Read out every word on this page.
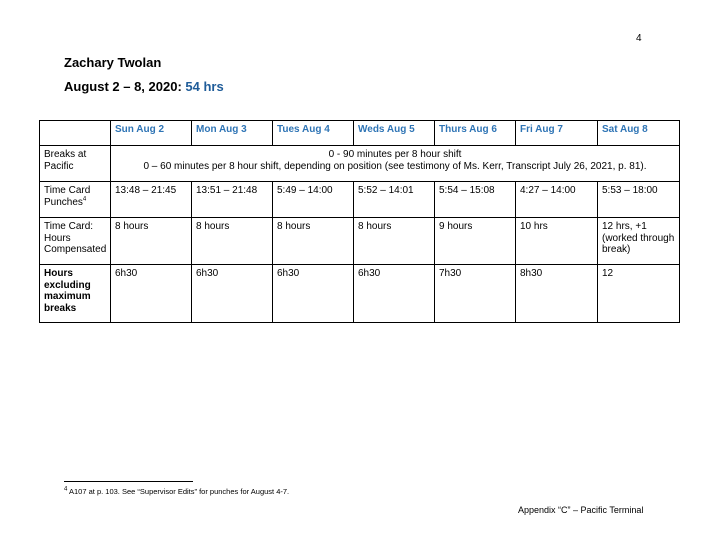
4
Zachary Twolan
August 2 – 8, 2020: 54 hrs
	Sun Aug 2	Mon Aug 3	Tues Aug 4	Weds Aug 5	Thurs Aug 6	Fri Aug 7	Sat Aug 8
Breaks at Pacific	0 - 90 minutes per 8 hour shift
0 – 60 minutes per 8 hour shift, depending on position (see testimony of Ms. Kerr, Transcript July 26, 2021, p. 81).						

Time Card Punches$^4$	13:48 – 21:45	13:51 – 21:48	5:49 – 14:00	5:52 – 14:01	5:54 – 15:08	4:27 – 14:00	5:53 – 18:00
Time Card: Hours Compensated	8 hours	8 hours	8 hours	8 hours	9 hours	10 hrs	12 hrs, +1 (worked through break)
Hours excluding maximum breaks	6h30	6h30	6h30	6h30	7h30	8h30	12
$^4$ A107 at p. 103. See “Supervisor Edits” for punches for August 4-7.
Appendix “C” – Pacific Terminal
